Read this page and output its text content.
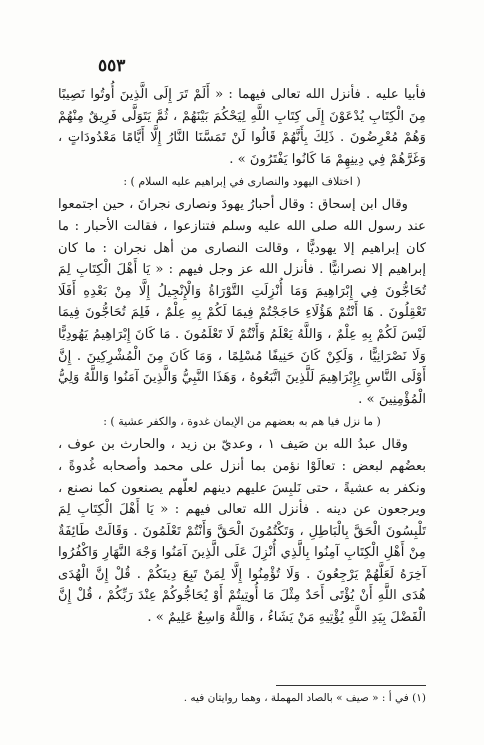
٥٥٣

فأبيا عليه . فأنزل الله تعالى فيهما : « أَلَمْ تَرَ إِلَى الَّذِينَ أُوتُوا نَصِيبًا مِنَ الْكِتَابِ يُدْعَوْنَ إِلَى كِتَابِ اللَّهِ لِيَحْكُمَ بَيْنَهُمْ ، ثُمَّ يَتَوَلَّى فَرِيقٌ مِنْهُمْ وَهُمْ مُعْرِضُونَ . ذَلِكَ بِأَنَّهُمْ قَالُوا لَنْ تَمَسَّنَا النَّارُ إِلَّا أَيَّامًا مَعْدُودَاتٍ ، وَغَرَّهُمْ فِي دِينِهِمْ مَا كَانُوا يَفْتَرُونَ » .

( اختلاف اليهود والنصارى في إبراهيم عليه السلام ) :

وقال ابن إسحاق : وقال أحبارُ يهودَ ونصارى نجرانَ ، حين اجتمعوا عند رسول الله صلى الله عليه وسلم فتنازعوا ، فقالت الأحبار : ما كان إبراهيم إلا يهوديًّا ، وقالت النصارى من أهل نجران : ما كان إبراهيم إلا نصرانيًّا . فأنزل الله عز وجل فيهم : « يَا أَهْلَ الْكِتَابِ لِمَ تُحَاجُّونَ فِي إِبْرَاهِيمَ وَمَا أُنْزِلَتِ التَّوْرَاةُ وَالْإِنْجِيلُ إِلَّا مِنْ بَعْدِهِ أَفَلَا تَعْقِلُونَ . هَا أَنْتُمْ هَؤُلَاءِ حَاجَجْتُمْ فِيمَا لَكُمْ بِهِ عِلْمٌ ، فَلِمَ تُحَاجُّونَ فِيمَا لَيْسَ لَكُمْ بِهِ عِلْمٌ ، وَاللَّهُ يَعْلَمُ وَأَنْتُمْ لَا تَعْلَمُونَ . مَا كَانَ إِبْرَاهِيمُ يَهُودِيًّا وَلَا نَصْرَانِيًّا ، وَلَكِنْ كَانَ حَنِيفًا مُسْلِمًا ، وَمَا كَانَ مِنَ الْمُشْرِكِينَ . إِنَّ أَوْلَى النَّاسِ بِإِبْرَاهِيمَ لَلَّذِينَ اتَّبَعُوهُ ، وَهَذَا النَّبِيُّ وَالَّذِينَ آمَنُوا وَاللَّهُ وَلِيُّ الْمُؤْمِنِينَ » .

( ما نزل فيا هم به بعضهم من الإيمان غدوة ، والكفر عشية ) :

وقال عبدُ الله بن صَيف ١ ، وعديّ بن زيد ، والحارث بن عوف ، بعضُهم لبعض : تعالَوْا نؤمن بما أنزل على محمد وأصحابه غُدوةً ، ونكفر به عشيةً ، حتى نَلبِسَ عليهم دينهم لعلّهم يصنعون كما نصنع ، ويرجعون عن دينه . فأنزل الله تعالى فيهم : « يَا أَهْلَ الْكِتَابِ لِمَ تَلْبِسُونَ الْحَقَّ بِالْبَاطِلِ ، وَتَكْتُمُونَ الْحَقَّ وَأَنْتُمْ تَعْلَمُونَ . وَقَالَتْ طَائِفَةٌ مِنْ أَهْلِ الْكِتَابِ آمِنُوا بِالَّذِي أُنْزِلَ عَلَى الَّذِينَ آمَنُوا وَجْهَ النَّهَارِ وَاكْفُرُوا آخِرَهُ لَعَلَّهُمْ يَرْجِعُونَ . وَلَا تُؤْمِنُوا إِلَّا لِمَنْ تَبِعَ دِينَكُمْ . قُلْ إِنَّ الْهُدَى هُدَى اللَّهِ أَنْ يُؤْتَى أَحَدٌ مِثْلَ مَا أُوتِيتُمْ أَوْ يُحَاجُّوكُمْ عِنْدَ رَبِّكُمْ ، قُلْ إِنَّ الْفَضْلَ بِيَدِ اللَّهِ يُؤْتِيهِ مَنْ يَشَاءُ ، وَاللَّهُ وَاسِعٌ عَلِيمٌ » .

(١) في أ : « صيف » بالصاد المهملة ، وهما روايتان فيه .
